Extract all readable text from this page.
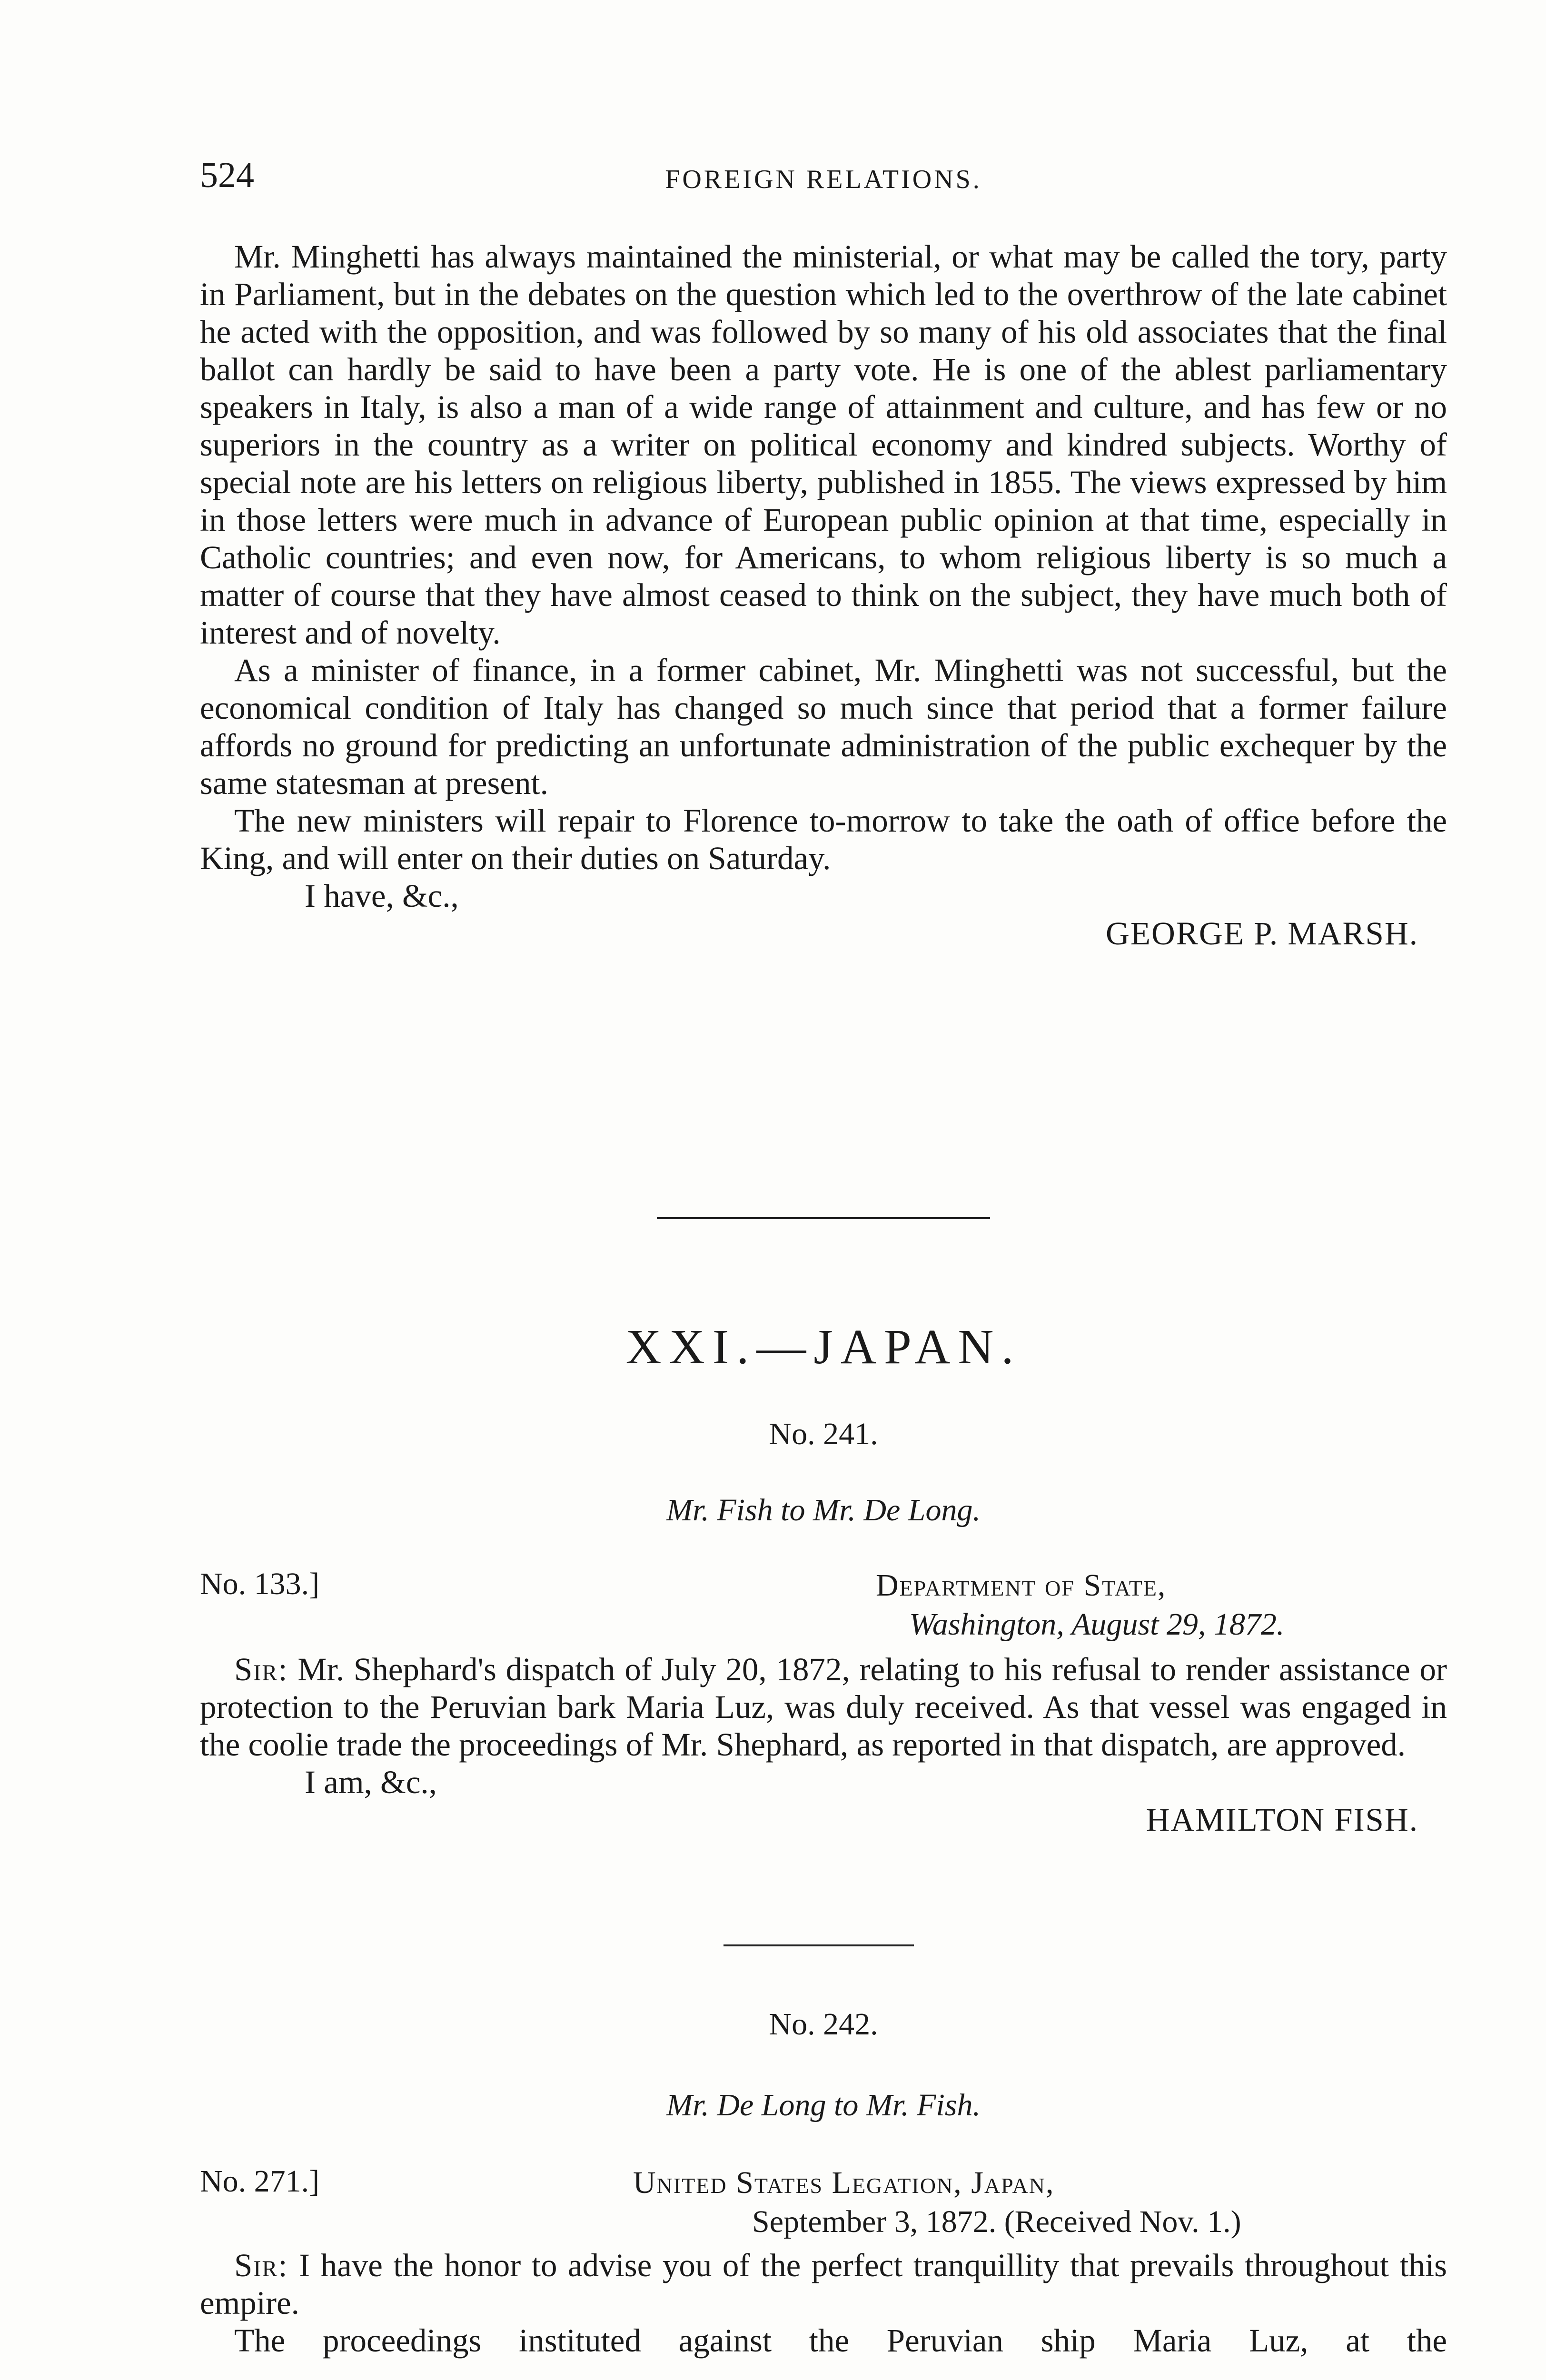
524	FOREIGN RELATIONS.

Mr. Minghetti has always maintained the ministerial, or what may be called the tory, party in Parliament, but in the debates on the question which led to the overthrow of the late cabinet he acted with the opposition, and was followed by so many of his old associates that the final ballot can hardly be said to have been a party vote. He is one of the ablest parliamentary speakers in Italy, is also a man of a wide range of attainment and culture, and has few or no superiors in the country as a writer on political economy and kindred subjects. Worthy of special note are his letters on religious liberty, published in 1855. The views expressed by him in those letters were much in advance of European public opinion at that time, especially in Catholic countries; and even now, for Americans, to whom religious liberty is so much a matter of course that they have almost ceased to think on the subject, they have much both of interest and of novelty.

As a minister of finance, in a former cabinet, Mr. Minghetti was not successful, but the economical condition of Italy has changed so much since that period that a former failure affords no ground for predicting an unfortunate administration of the public exchequer by the same statesman at present.

The new ministers will repair to Florence to-morrow to take the oath of office before the King, and will enter on their duties on Saturday.

I have, &c.,

GEORGE P. MARSH.

XXI.—JAPAN.
No. 241.
Mr. Fish to Mr. De Long.
No. 133.]	Department of State,
Washington, August 29, 1872.

Sir: Mr. Shephard's dispatch of July 20, 1872, relating to his refusal to render assistance or protection to the Peruvian bark Maria Luz, was duly received. As that vessel was engaged in the coolie trade the proceedings of Mr. Shephard, as reported in that dispatch, are approved.

I am, &c.,

HAMILTON FISH.

No. 242.
Mr. De Long to Mr. Fish.
No. 271.]	United States Legation, Japan,
September 3, 1872. (Received Nov. 1.)

Sir: I have the honor to advise you of the perfect tranquillity that prevails throughout this empire.

The proceedings instituted against the Peruvian ship Maria Luz, at the
